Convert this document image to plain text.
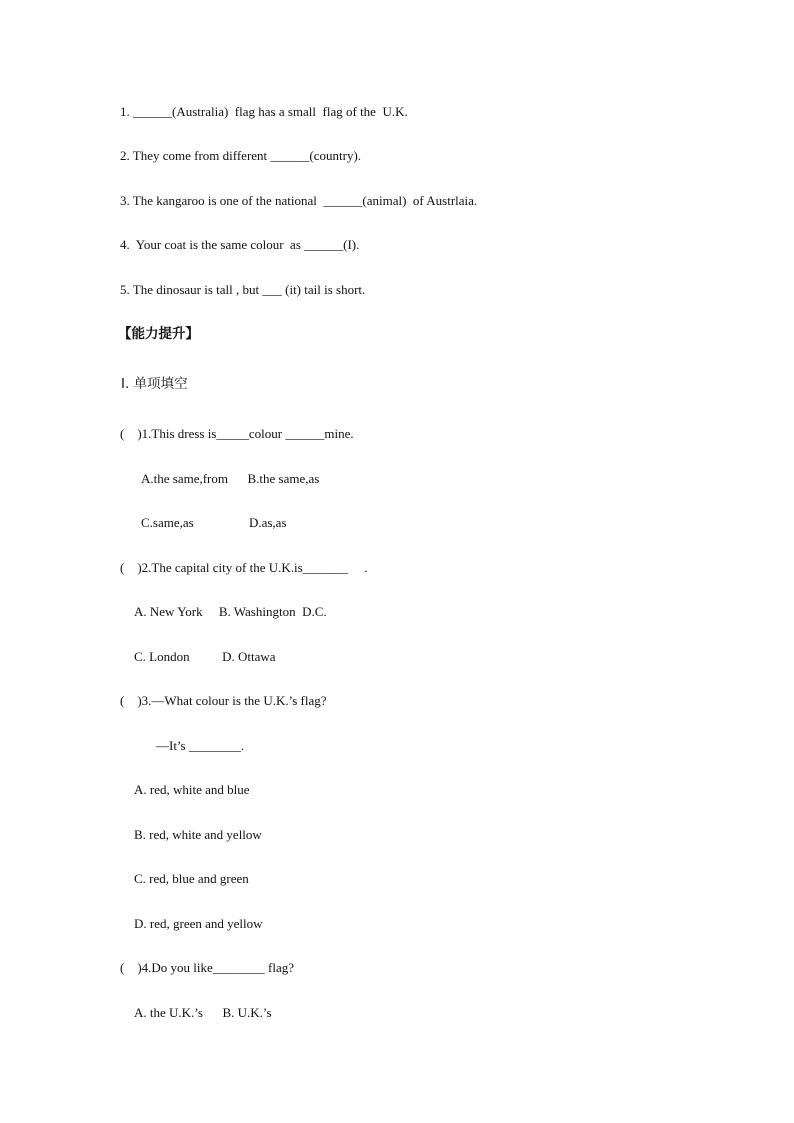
1. ______(Australia)  flag has a small  flag of the  U.K.
2. They come from different ______(country).
3. The kangaroo is one of the national  ______(animal)  of Austrlaia.
4.  Your coat is the same colour  as ______(I).
5. The dinosaur is tall , but ___ (it) tail is short.
【能力提升】
Ⅰ. 单项填空
(    )1.This dress is_____colour ______mine.
A.the same,from      B.the same,as
C.same,as                 D.as,as
(    )2.The capital city of the U.K.is_______     .
A. New York     B. Washington  D.C.
C. London          D. Ottawa
(    )3.—What colour is the U.K.’s flag?
—It’s ________.
A. red, white and blue
B. red, white and yellow
C. red, blue and green
D. red, green and yellow
(    )4.Do you like________ flag?
A. the U.K.’s      B. U.K.’s
